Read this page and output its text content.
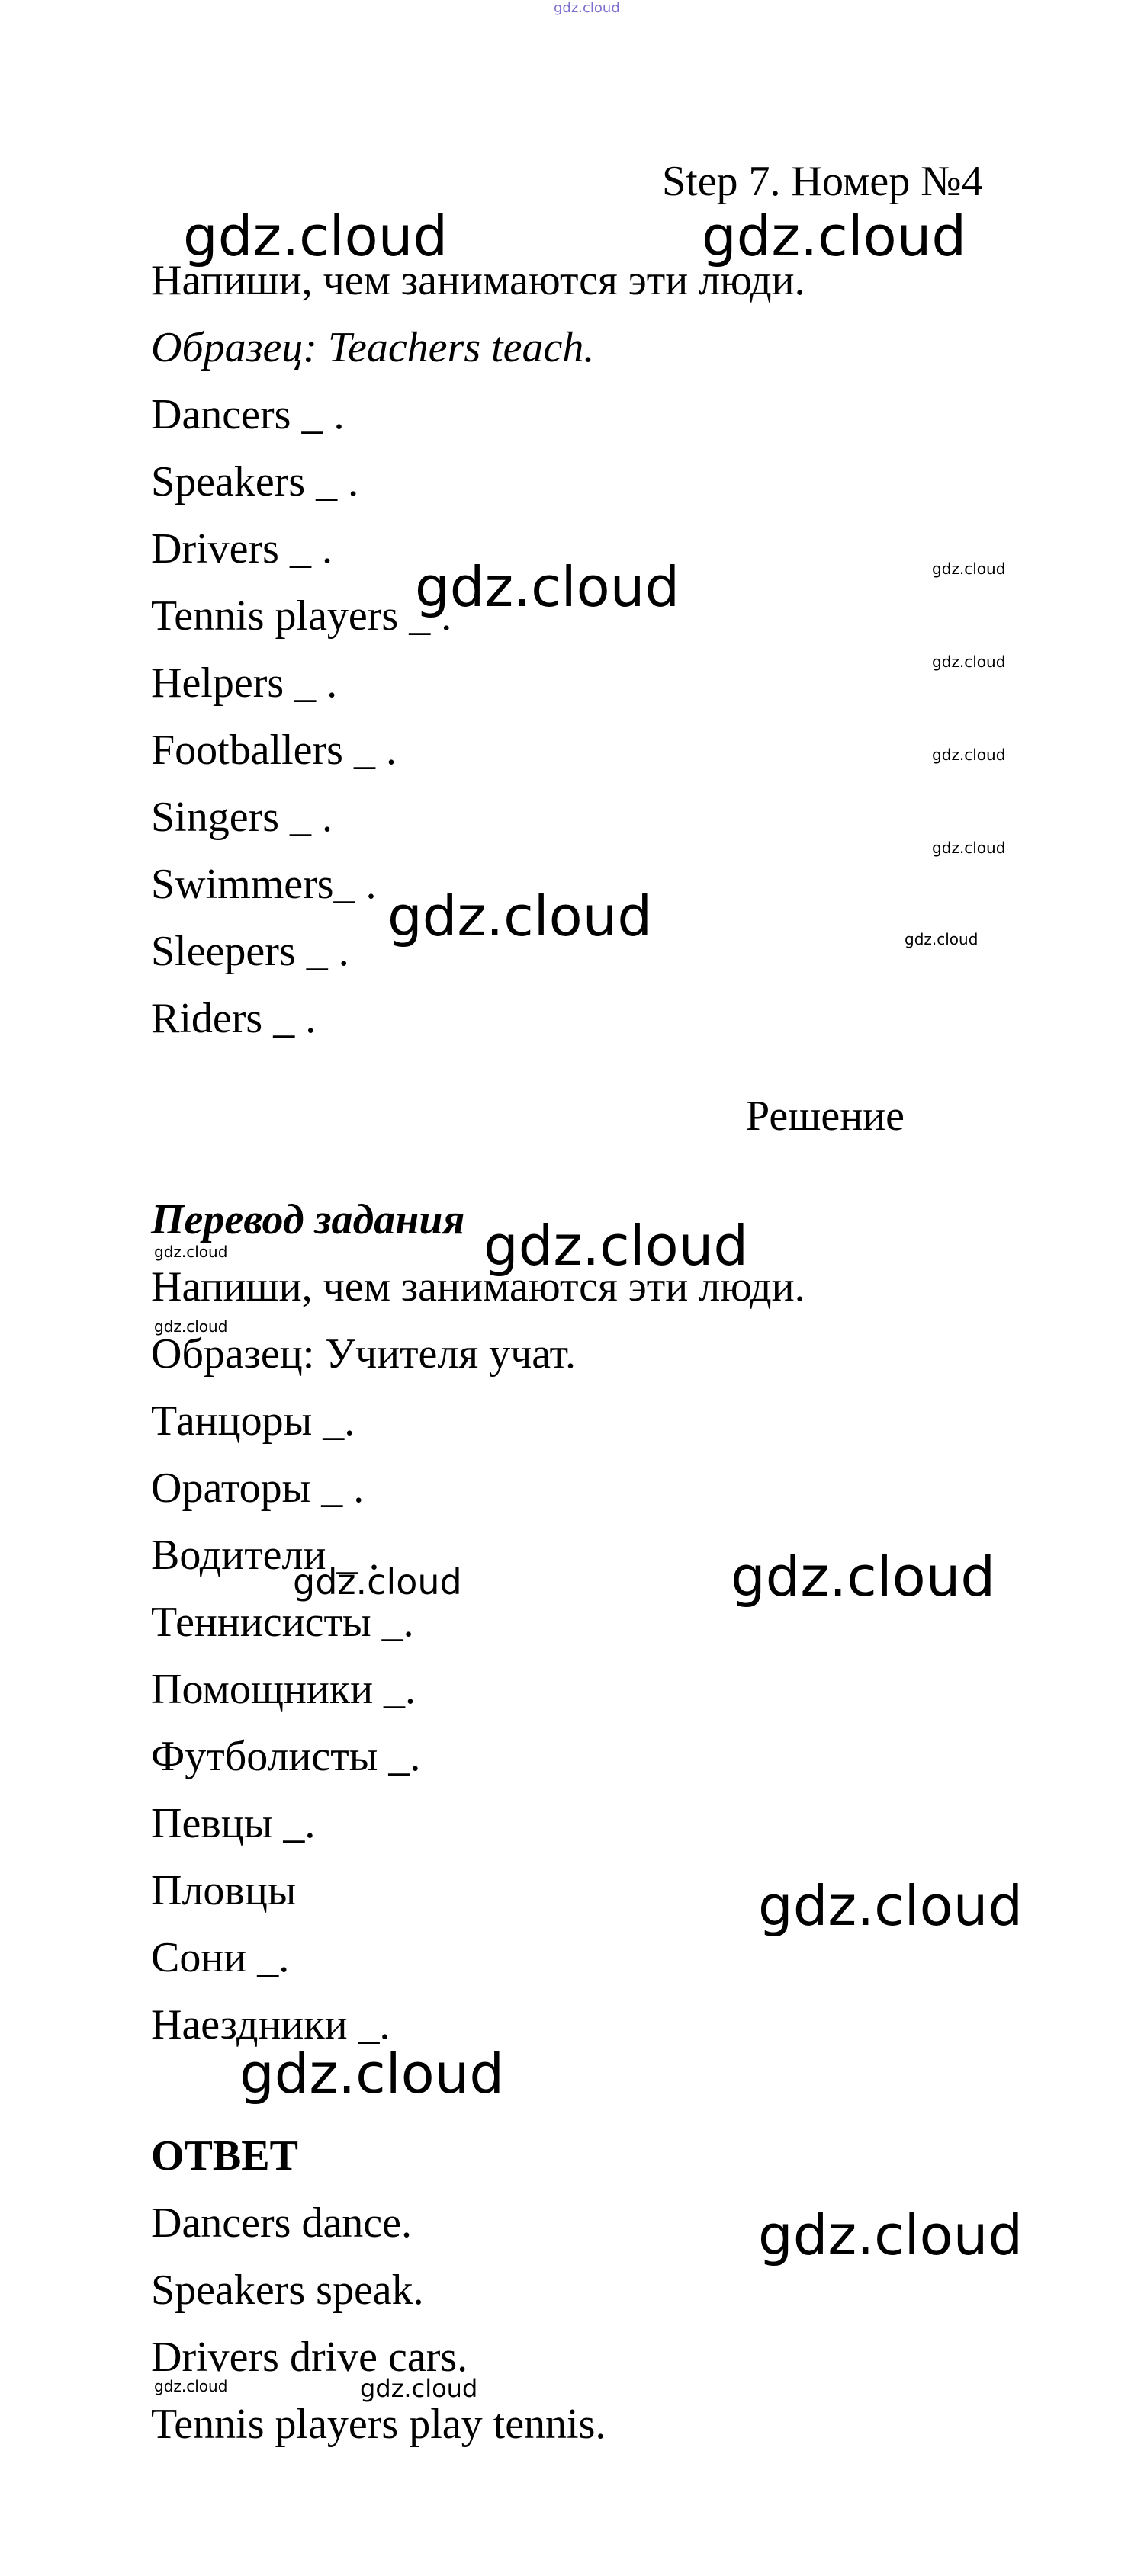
gdz.cloud
Step 7. Номер №4
Напиши, чем занимаются эти люди.
Образец: Teachers teach.
Dancers _ .
Speakers _ .
Drivers _ .
Tennis players _ .
Helpers _ .
Footballers _ .
Singers _ .
Swimmers_ .
Sleepers _ .
Riders _ .
Решение
Перевод задания
Напиши, чем занимаются эти люди.
Образец: Учителя учат.
Танцоры _.
Ораторы _ .
Водители _ .
Теннисисты _.
Помощники _.
Футболисты _.
Певцы _.
Пловцы
Сони _.
Наездники _.
ОТВЕТ
Dancers dance.
Speakers speak.
Drivers drive cars.
Tennis players play tennis.
gdz.cloud	gdz.cloud
gdz.cloud	gdz.cloud
gdz.cloud
gdz.cloud
gdz.cloud
gdz.cloud	gdz.cloud
gdz.cloud
gdz.cloud
gdz.cloud
gdz.cloud
gdz.cloud
gdz.cloud
gdz.cloud
gdz.cloud
gdz.cloud	gdz.cloud
